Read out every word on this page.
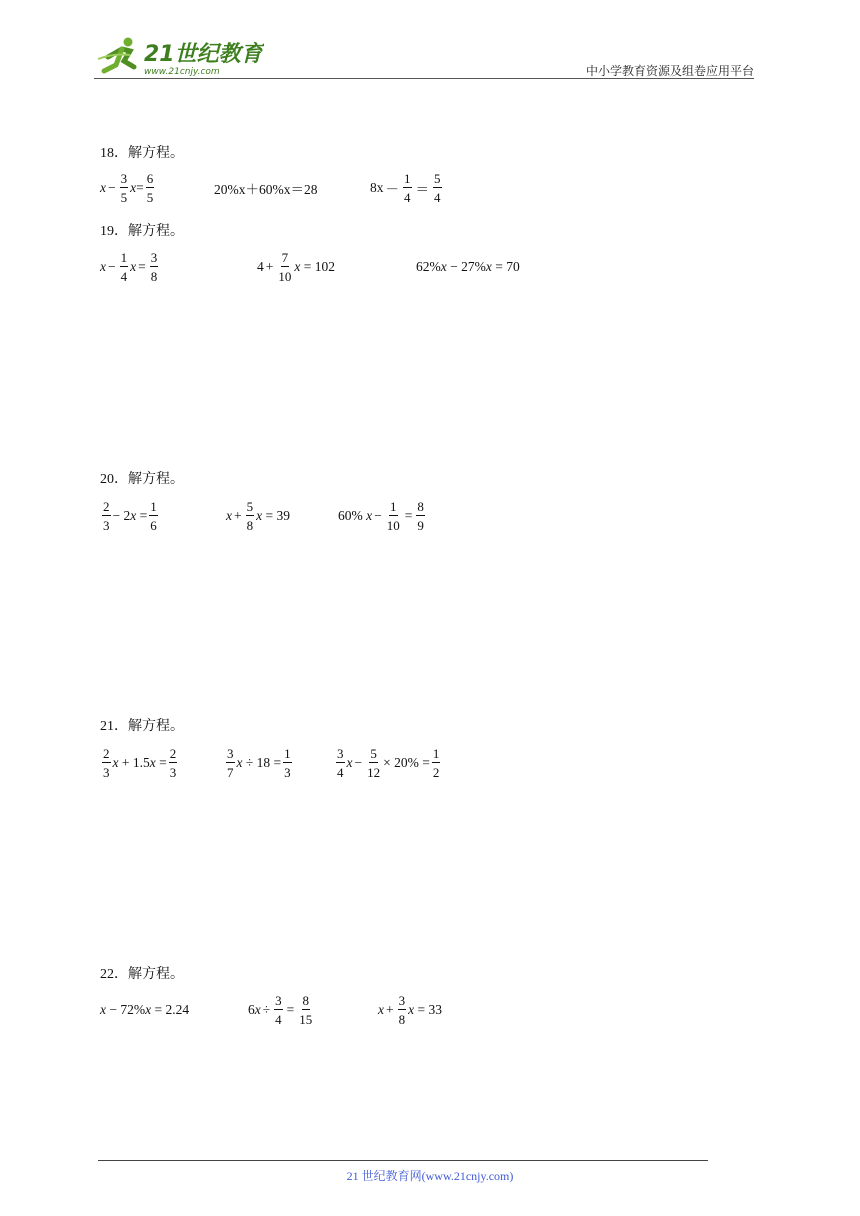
21世纪教育
www.21cnjy.com	中小学教育资源及组卷应用平台
18．解方程。
$x - \frac{3}{5}$ $x = \frac{6}{5}$	20%x＋60%x＝28	$8x - \frac{1}{4} = \frac{5}{4}$
19．解方程。
$x - \frac{1}{4}$ $x = \frac{3}{8}$	$4 + \frac{7}{10}$ x
= 102	62% x − 27% x = 70
20．解方程。
$\frac{2}{3} - 2$ x
= $\frac{1}{6}$	$x + \frac{5}{8}$ x
= 39	60%
$x - \frac{1}{10} = \frac{8}{9}$
21．解方程。
$\frac{2}{3}$ x
+ 1.5 x
= $\frac{2}{3}$	$\frac{3}{7}$ x
÷ $18 = \frac{1}{3}$	$\frac{3}{4}$ $x - \frac{5}{12} \times 20\% = \frac{1}{2}$
22．解方程。
x − 72% x = 2.24	6 $x \div \frac{3}{4} = \frac{8}{15}$	$x + \frac{3}{8}$ x
= 33
21 世纪教育网(www.21cnjy.com)
